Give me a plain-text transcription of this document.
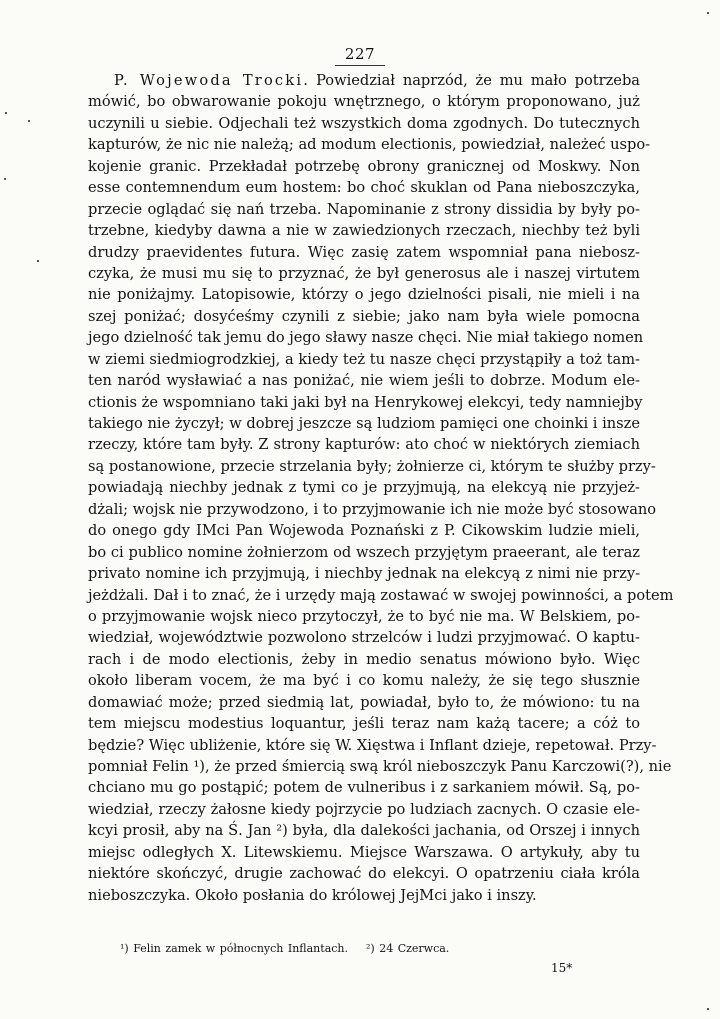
227
P. Wojewoda Trocki. Powiedział naprzód, że mu mało potrzeba
mówić, bo obwarowanie pokoju wnętrznego, o którym proponowano, już
uczynili u siebie. Odjechali też wszystkich doma zgodnych. Do tutecznych
kapturów, że nic nie należą; ad modum electionis, powiedział, należeć uspo-
kojenie granic. Przekładał potrzebę obrony granicznej od Moskwy. Non
esse contemnendum eum hostem: bo choć skuklan od Pana nieboszczyka,
przecie oglądać się nań trzeba. Napominanie z strony dissidia by były po-
trzebne, kiedyby dawna a nie w zawiedzionych rzeczach, niechby też byli
drudzy praevidentes futura. Więc zasię zatem wspomniał pana niebosz-
czyka, że musi mu się to przyznać, że był generosus ale i naszej virtutem
nie poniżajmy. Latopisowie, którzy o jego dzielności pisali, nie mieli i na
szej poniżać; dosyćeśmy czynili z siebie; jako nam była wiele pomocna
jego dzielność tak jemu do jego sławy nasze chęci. Nie miał takiego nomen
w ziemi siedmiogrodzkiej, a kiedy też tu nasze chęci przystąpiły a toż tam-
ten naród wysławiać a nas poniżać, nie wiem jeśli to dobrze. Modum ele-
ctionis że wspomniano taki jaki był na Henrykowej elekcyi, tedy namniejby
takiego nie życzył; w dobrej jeszcze są ludziom pamięci one choinki i insze
rzeczy, które tam były. Z strony kapturów: ato choć w niektórych ziemiach
są postanowione, przecie strzelania były; żołnierze ci, którym te służby przy-
powiadają niechby jednak z tymi co je przyjmują, na elekcyą nie przyjeż-
dżali; wojsk nie przywodzono, i to przyjmowanie ich nie może być stosowano
do onego gdy IMci Pan Wojewoda Poznański z P. Cikowskim ludzie mieli,
bo ci publico nomine żołnierzom od wszech przyjętym praeerant, ale teraz
privato nomine ich przyjmują, i niechby jednak na elekcyą z nimi nie przy-
jeżdżali. Dał i to znać, że i urzędy mają zostawać w swojej powinności, a potem
o przyjmowanie wojsk nieco przytoczył, że to być nie ma. W Belskiem, po-
wiedział, województwie pozwolono strzelców i ludzi przyjmować. O kaptu-
rach i de modo electionis, żeby in medio senatus mówiono było. Więc
około liberam vocem, że ma być i co komu należy, że się tego słusznie
domawiać może; przed siedmią lat, powiadał, było to, że mówiono: tu na
tem miejscu modestius loquantur, jeśli teraz nam każą tacere; a cóż to
będzie? Więc ubliżenie, które się W. Xięstwa i Inflant dzieje, repetował. Przy-
pomniał Felin ¹), że przed śmiercią swą król nieboszczyk Panu Karczowi(?), nie
chciano mu go postąpić; potem de vulneribus i z sarkaniem mówił. Są, po-
wiedział, rzeczy żałosne kiedy pojrzycie po ludziach zacnych. O czasie ele-
kcyi prosił, aby na Ś. Jan ²) była, dla dalekości jachania, od Orszej i innych
miejsc odległych X. Litewskiemu. Miejsce Warszawa. O artykuły, aby tu
niektóre skończyć, drugie zachować do elekcyi. O opatrzeniu ciała króla
nieboszczyka. Około posłania do królowej JejMci jako i inszy.
¹) Felin zamek w północnych Inflantach. ²) 24 Czerwca.
15*
